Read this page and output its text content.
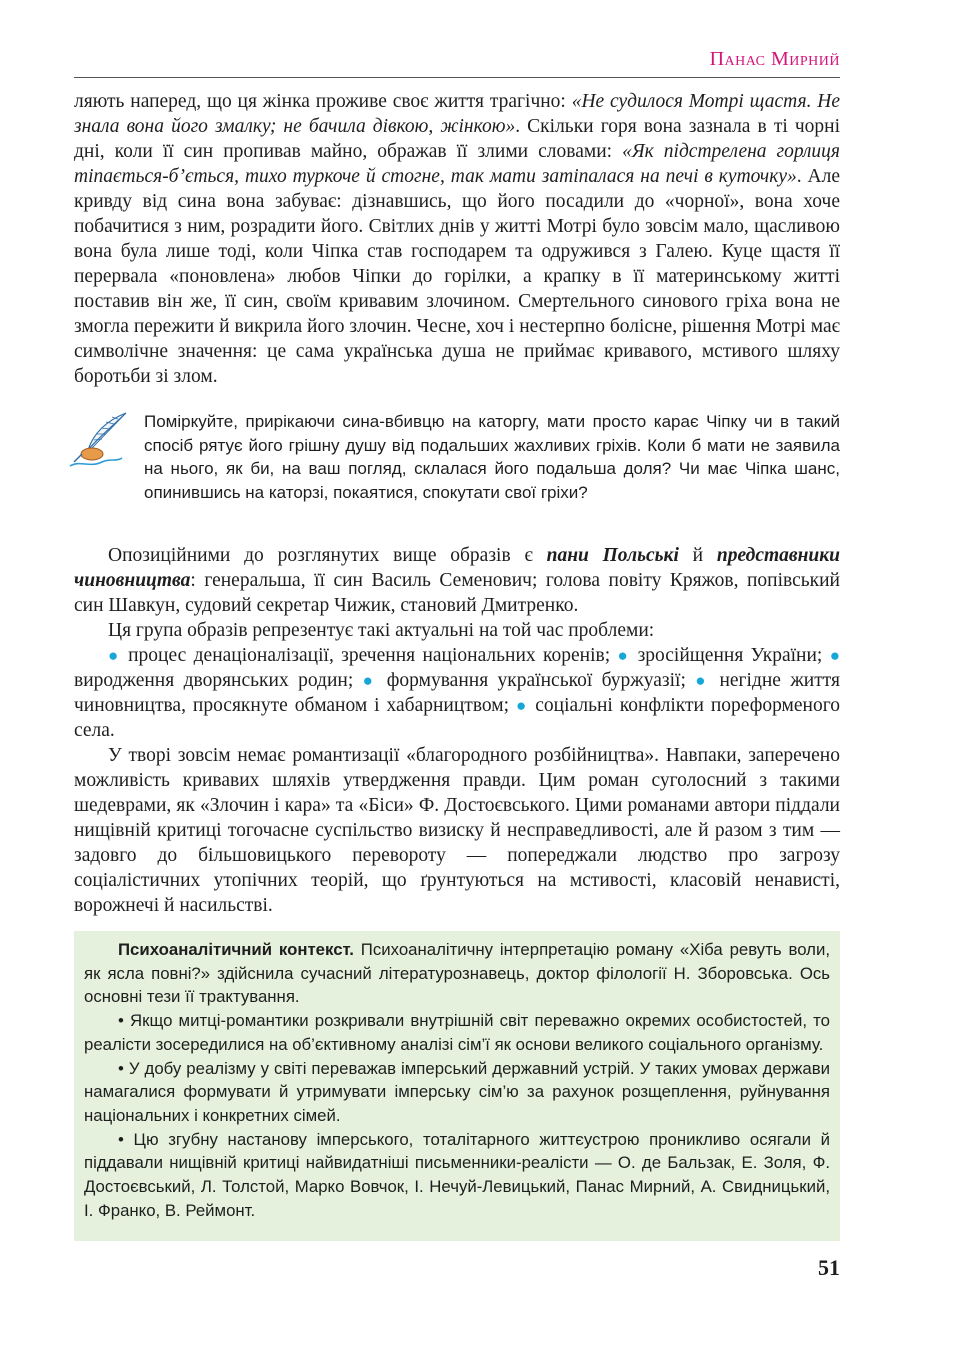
Панас Мирний

ляють наперед, що ця жінка проживе своє життя трагічно: «Не судилося Мотрі щастя. Не знала вона його змалку; не бачила дівкою, жінкою». Скільки горя вона зазнала в ті чорні дні, коли її син пропивав майно, ображав її злими словами: «Як підстрелена горлиця тіпається-б’ється, тихо туркоче й стогне, так мати затіпалася на печі в куточку». Але кривду від сина вона забуває: дізнавшись, що його посадили до «чорної», вона хоче побачитися з ним, розрадити його. Світлих днів у житті Мотрі було зовсім мало, щасливою вона була лише тоді, коли Чіпка став господарем та одружився з Галею. Куце щастя її перервала «поновлена» любов Чіпки до горілки, а крапку в її материнському житті поставив він же, її син, своїм кривавим злочином. Смертельного синового гріха вона не змогла пережити й викрила його злочин. Чесне, хоч і нестерпно болісне, рішення Мотрі має символічне значення: це сама українська душа не приймає кривавого, мстивого шляху боротьби зі злом.

Поміркуйте, прирікаючи сина-вбивцю на каторгу, мати просто карає Чіпку чи в такий спосіб рятує його грішну душу від подальших жахливих гріхів. Коли б мати не заявила на нього, як би, на ваш погляд, склалася його подальша доля? Чи має Чіпка шанс, опинившись на каторзі, покаятися, спокутати свої гріхи?

Опозиційними до розглянутих вище образів є пани Польські й представники чиновництва: генеральша, її син Василь Семенович; голова повіту Кряжов, попівський син Шавкун, судовий секретар Чижик, становий Дмитренко.

Ця група образів репрезентує такі актуальні на той час проблеми:

● процес денаціоналізації, зречення національних коренів; ● зросійщення України; ● виродження дворянських родин; ● формування української буржуазії; ● негідне життя чиновництва, просякнуте обманом і хабарництвом; ● соціальні конфлікти пореформеного села.

У творі зовсім немає романтизації «благородного розбійництва». Навпаки, заперечено можливість кривавих шляхів утвердження правди. Цим роман суголосний з такими шедеврами, як «Злочин і кара» та «Біси» Ф. Достоєвського. Цими романами автори піддали нищівній критиці тогочасне суспільство визиску й несправедливості, але й разом з тим — задовго до більшовицького перевороту — попереджали людство про загрозу соціалістичних утопічних теорій, що ґрунтуються на мстивості, класовій ненависті, ворожнечі й насильстві.

Психоаналітичний контекст. Психоаналітичну інтерпретацію роману «Хіба ревуть воли, як ясла повні?» здійснила сучасний літературознавець, доктор філології Н. Зборовська. Ось основні тези її трактування.

• Якщо митці-романтики розкривали внутрішній світ переважно окремих особистостей, то реалісти зосередилися на об’єктивному аналізі сім’ї як основи великого соціального організму.

• У добу реалізму у світі переважав імперський державний устрій. У таких умовах держави намагалися формувати й утримувати імперську сім’ю за рахунок розщеплення, руйнування національних і конкретних сімей.

• Цю згубну настанову імперського, тоталітарного життєустрою проникливо осягали й піддавали нищівній критиці найвидатніші письменники-реалісти — О. де Бальзак, Е. Золя, Ф. Достоєвський, Л. Толстой, Марко Вовчок, І. Нечуй-Левицький, Панас Мирний, А. Свидницький, І. Франко, В. Реймонт.

51
